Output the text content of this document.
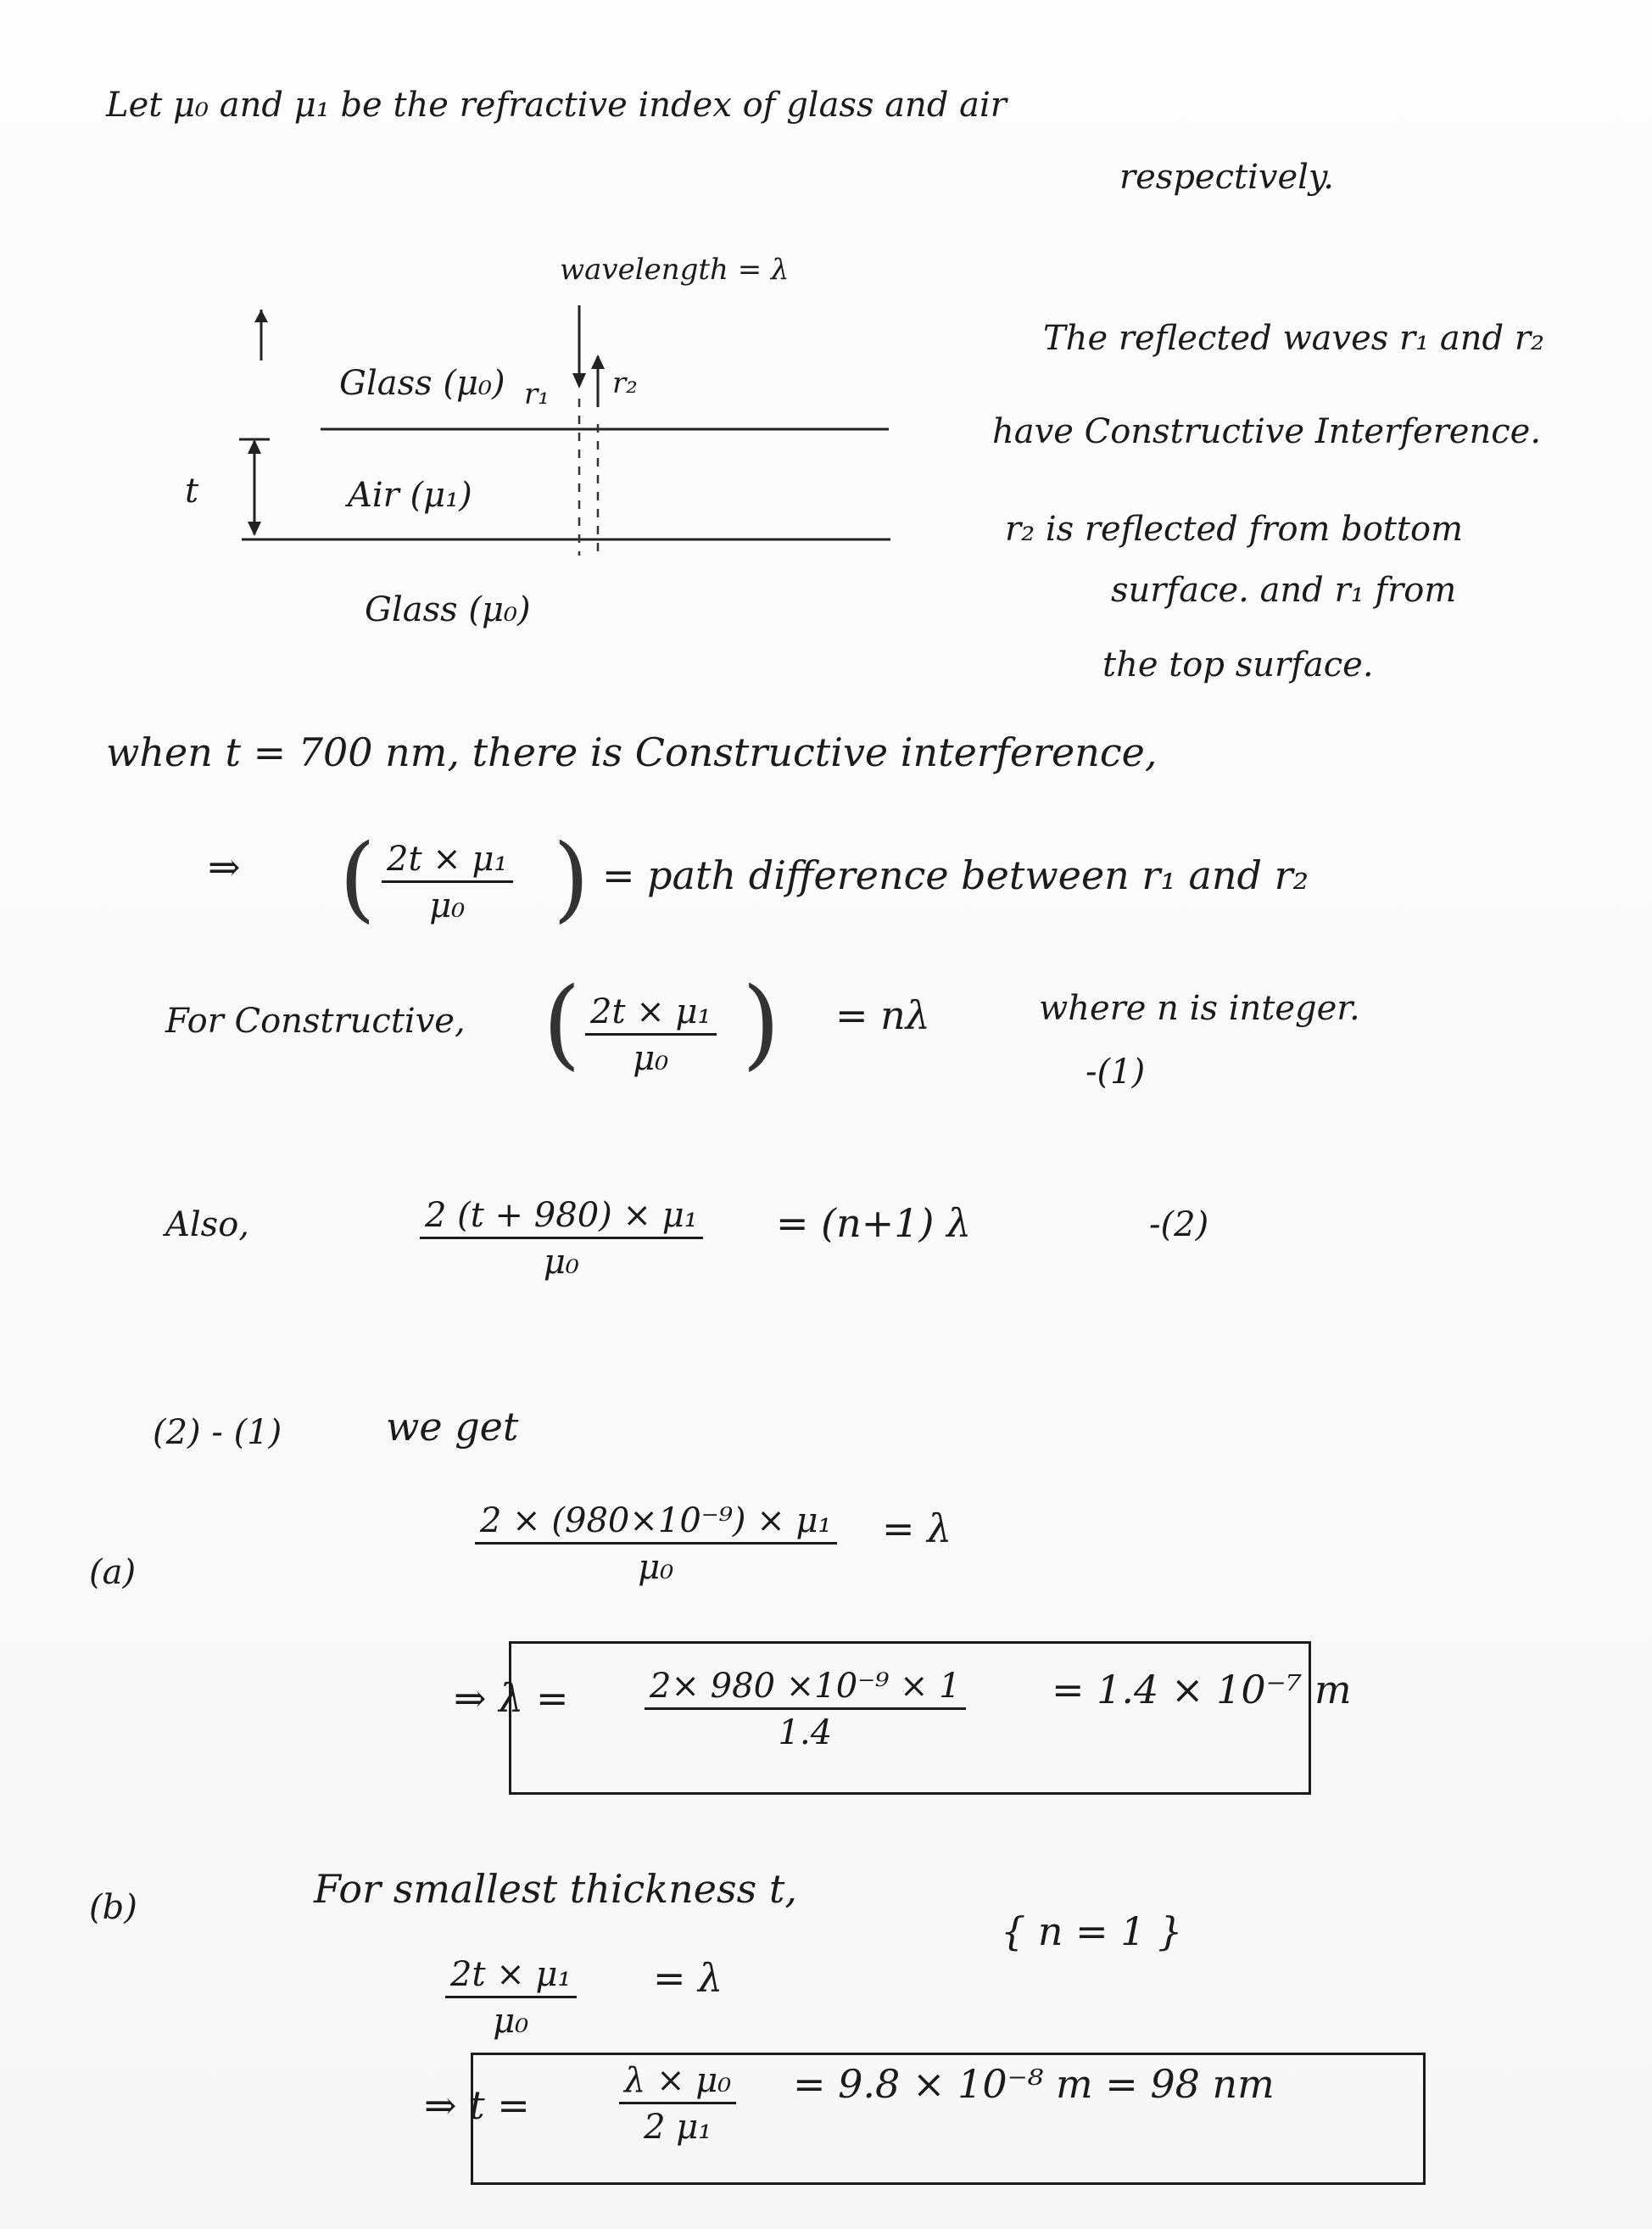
Let μ₀ and μ₁ be the refractive index of glass and air
respectively.
wavelength = λ
Glass (μ₀) r₁ r₂
t	Air (μ₁)
Glass (μ₀)
The reflected waves r₁ and r₂
have Constructive Interference.
r₂ is reflected from bottom
surface. and r₁ from
the top surface.
when t = 700 nm, there is Constructive interference,
⇒ ( $\frac{\text{2t × μ₁}}{\text{μ₀}}$ ) = path difference between r₁ and r₂
For Constructive, ( $\frac{\text{2t × μ₁}}{\text{μ₀}}$ ) = nλ	where n is integer.
-(1)
Also,	$\frac{\text{2 (t + 980) × μ₁}}{\text{μ₀}} = (n+1)$ λ	-(2)
(2) - (1)	we get
(a)	$\frac{\text{2 × (980×10⁻⁹) × μ₁}}{\text{μ₀}} = \lambda$
⇒ $\lambda = \frac{\text{2× 980 ×10⁻⁹ × 1}}{1.4} = 1.4 \times 10^{-7}$ m
(b)	For smallest thickness t,
{ n = 1 }
$\frac{\text{2t × μ₁}}{\text{μ₀}} = \lambda$
⇒ t =	$\frac{\text{λ × μ₀}}{\text{2 μ₁}} = 9.8 \times 10^{-8}$ m = 98 nm
